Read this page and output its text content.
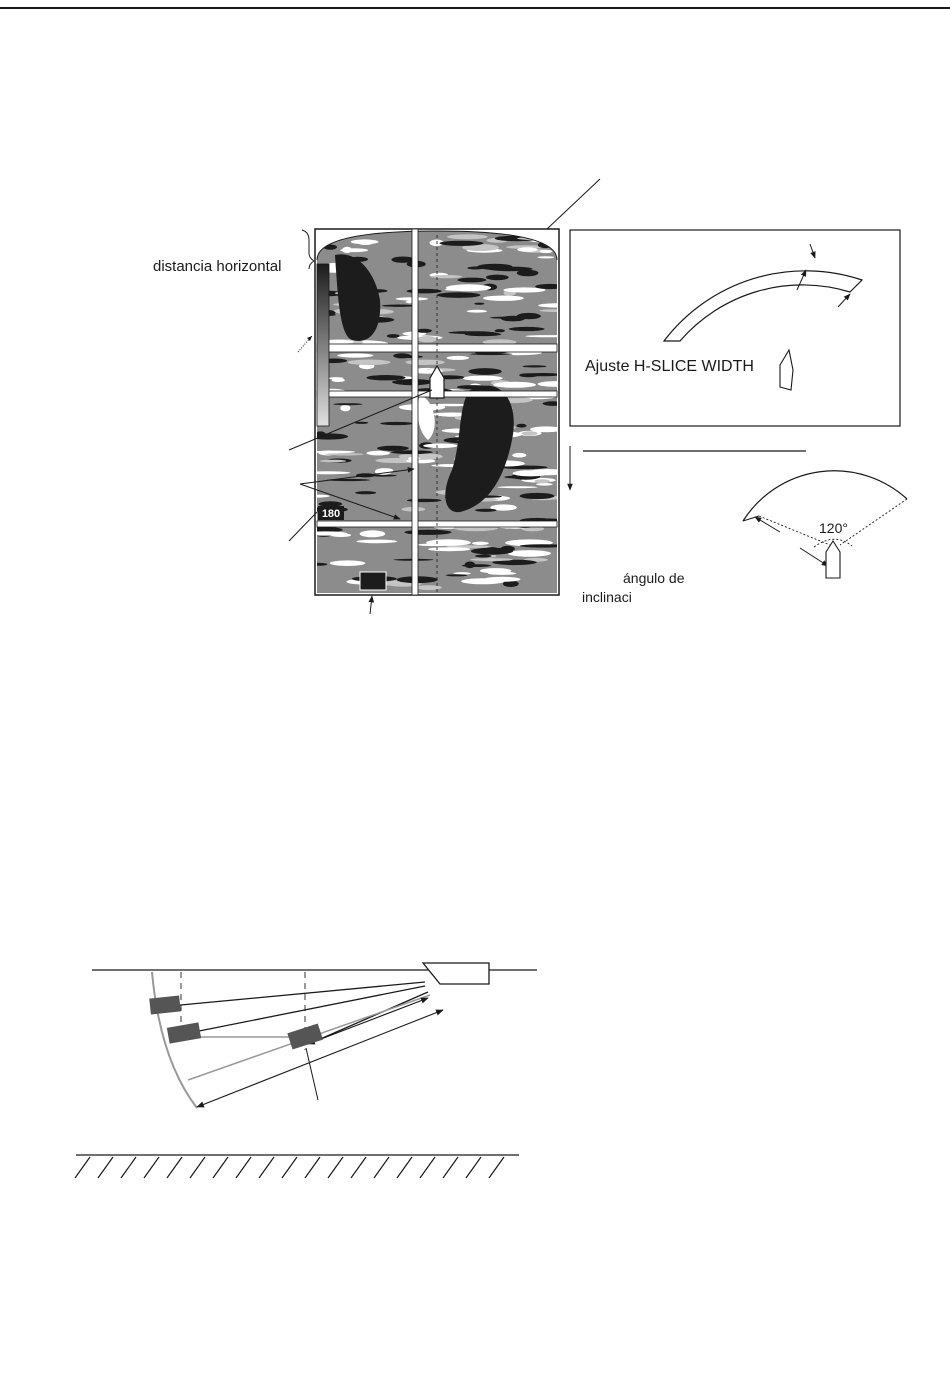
180
distancia horizontal
Ajuste H-SLICE WIDTH
120°
ángulo de
inclinaci
